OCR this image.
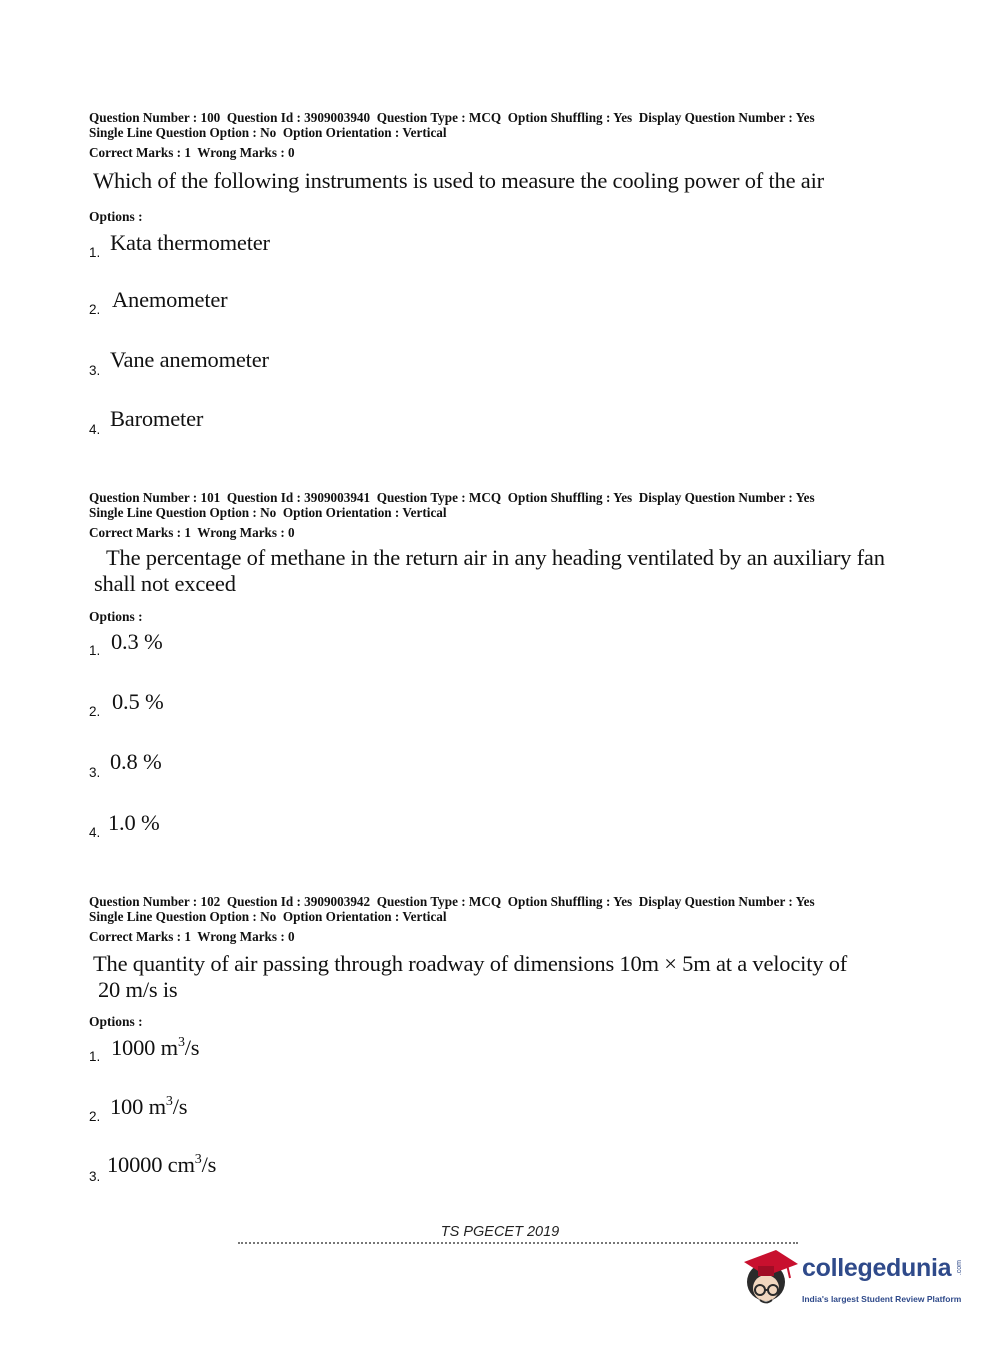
Question Number : 100  Question Id : 3909003940  Question Type : MCQ  Option Shuffling : Yes  Display Question Number : Yes
Single Line Question Option : No  Option Orientation : Vertical
Correct Marks : 1  Wrong Marks : 0
Which of the following instruments is used to measure the cooling power of the air
Options :
1. Kata thermometer
2. Anemometer
3. Vane anemometer
4. Barometer
Question Number : 101  Question Id : 3909003941  Question Type : MCQ  Option Shuffling : Yes  Display Question Number : Yes
Single Line Question Option : No  Option Orientation : Vertical
Correct Marks : 1  Wrong Marks : 0
The percentage of methane in the return air in any heading ventilated by an auxiliary fan
shall not exceed
Options :
1. 0.3 %
2. 0.5 %
3. 0.8 %
4. 1.0 %
Question Number : 102  Question Id : 3909003942  Question Type : MCQ  Option Shuffling : Yes  Display Question Number : Yes
Single Line Question Option : No  Option Orientation : Vertical
Correct Marks : 1  Wrong Marks : 0
The quantity of air passing through roadway of dimensions 10m × 5m at a velocity of
20 m/s is
Options :
1. 1000 $m^3/s$
2. 100 $m^3/s$
3. 10000 $cm^3/s$
TS PGECET 2019
collegedunia .com
India's largest Student Review Platform
